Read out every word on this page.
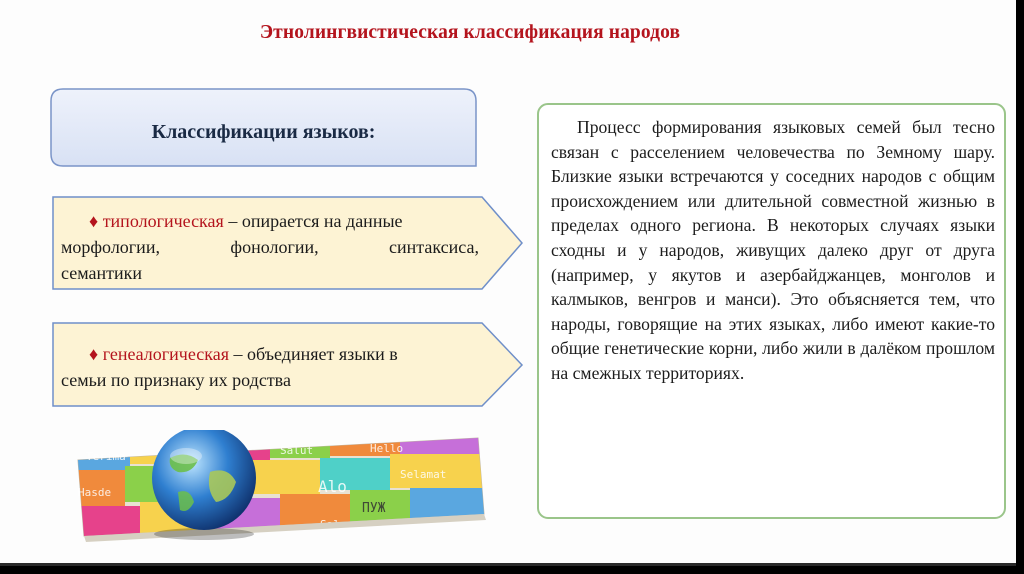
Этнолингвистическая классификация народов
Классификации языков:
♦ типологическая – опирается на данные
морфологии, фонологии, синтаксиса,
семантики
♦ генеалогическая – объединяет языки в
семьи по признаку их родства
Terima	Salut
Selamat
Alo
Hello
Hasde
ПУЖ
Процесс формирования языковых семей был тесно связан с расселением человечества по Земному шару. Близкие языки встречаются у соседних народов с общим происхождением или длительной совместной жизнью в пределах одного региона. В некоторых случаях языки сходны и у народов, живущих далеко друг от друга (например, у якутов и азербайджанцев, монголов и калмыков, венгров и манси). Это объясняется тем, что народы, говорящие на этих языках, либо имеют какие-то общие генетические корни, либо жили в далёком прошлом на смежных территориях.
